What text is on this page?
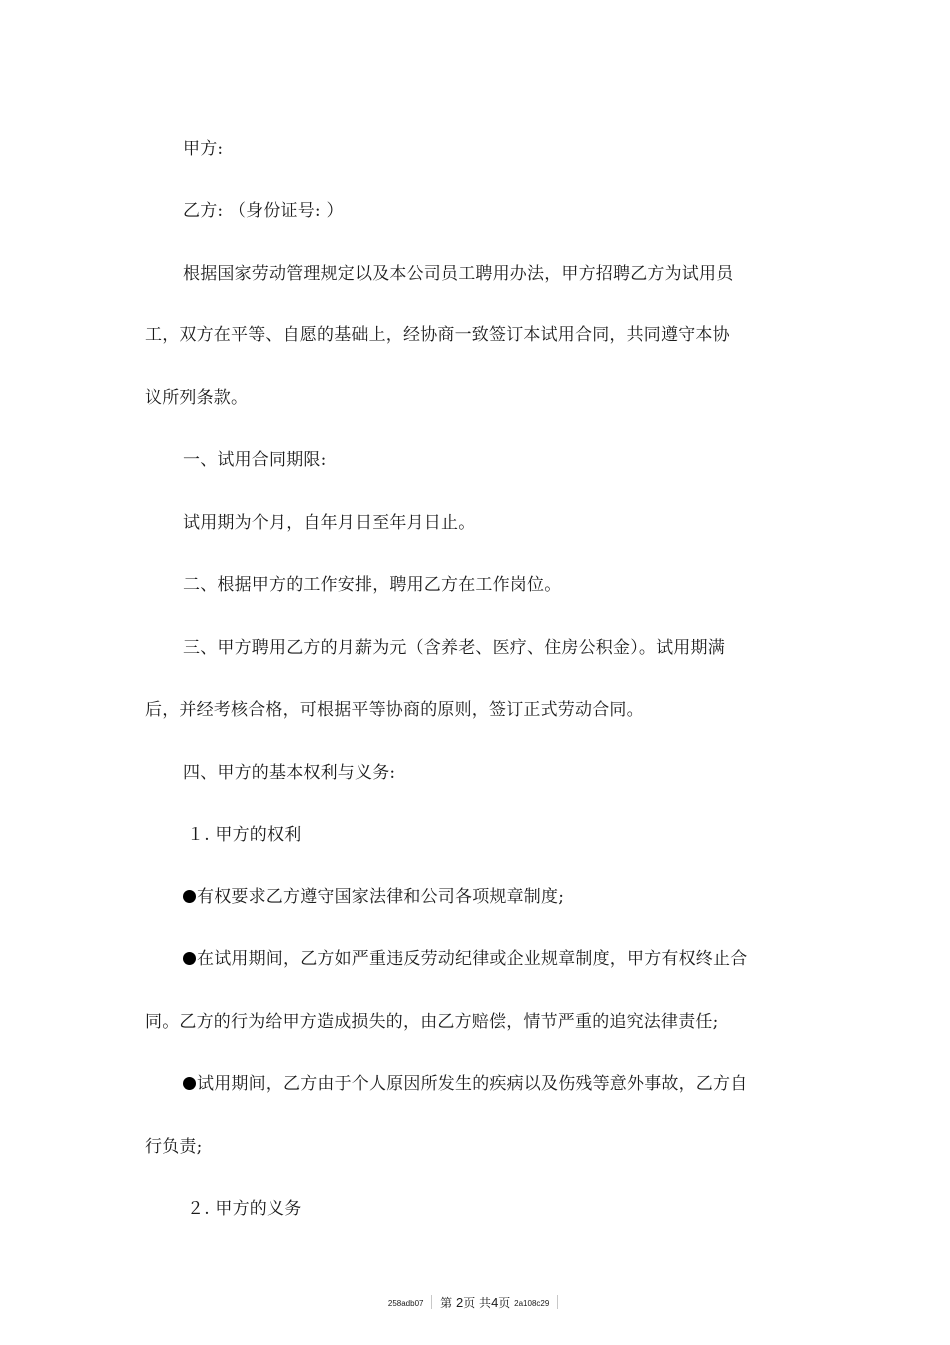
甲方:
乙方: （身份证号: ）
根据国家劳动管理规定以及本公司员工聘用办法，甲方招聘乙方为试用员
工，双方在平等、自愿的基础上，经协商一致签订本试用合同，共同遵守本协
议所列条款。
一、试用合同期限:
试用期为个月，自年月日至年月日止。
二、根据甲方的工作安排，聘用乙方在工作岗位。
三、甲方聘用乙方的月薪为元（含养老、医疗、住房公积金）。试用期满
后，并经考核合格，可根据平等协商的原则，签订正式劳动合同。
四、甲方的基本权利与义务:
１. 甲方的权利
有权要求乙方遵守国家法律和公司各项规章制度;
在试用期间，乙方如严重违反劳动纪律或企业规章制度，甲方有权终止合
同。乙方的行为给甲方造成损失的，由乙方赔偿，情节严重的追究法律责任;
试用期间，乙方由于个人原因所发生的疾病以及伤残等意外事故，乙方自
行负责;
２. 甲方的义务
258adb07 第 2页 共4页 2a108c29
